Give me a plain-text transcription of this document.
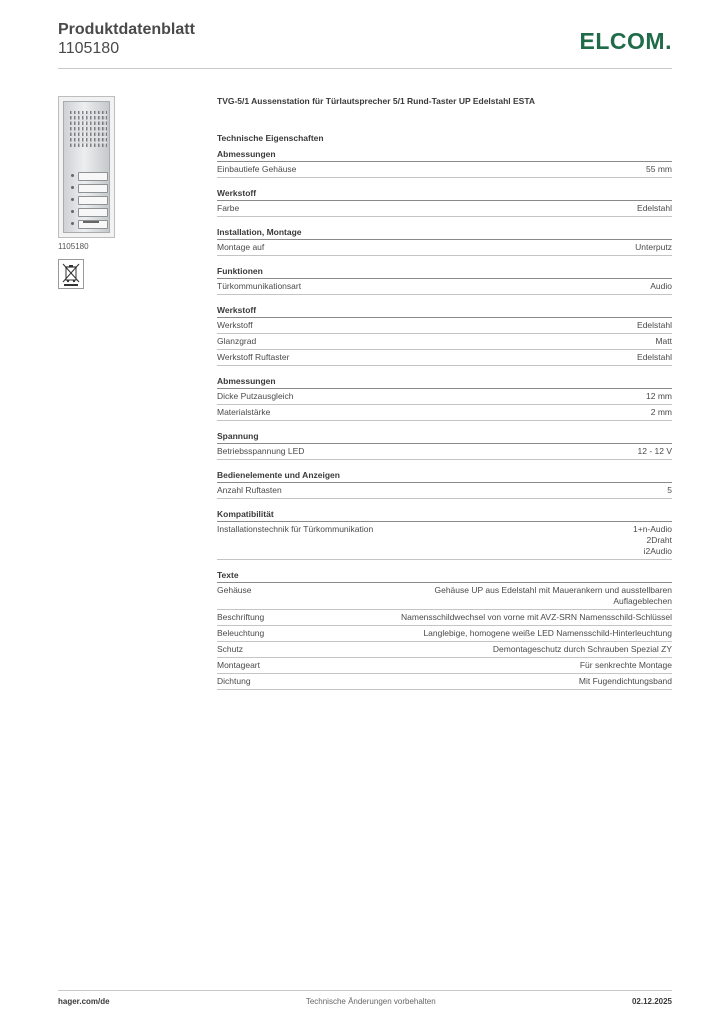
Produktdatenblatt
1105180	ELCOM.
1105180
TVG-5/1 Aussenstation für Türlautsprecher 5/1 Rund-Taster UP Edelstahl ESTA
Technische Eigenschaften
Abmessungen
Einbautiefe Gehäuse	55 mm
Werkstoff
Farbe	Edelstahl
Installation, Montage
Montage auf	Unterputz
Funktionen
Türkommunikationsart	Audio
Werkstoff
Werkstoff	Edelstahl
Glanzgrad	Matt
Werkstoff Ruftaster	Edelstahl
Abmessungen
Dicke Putzausgleich	12 mm
Materialstärke	2 mm
Spannung
Betriebsspannung LED	12 - 12 V
Bedienelemente und Anzeigen
Anzahl Ruftasten	5
Kompatibilität
Installationstechnik für Türkommunikation	1+n-Audio
2Draht
i2Audio
Texte
Gehäuse	Gehäuse UP aus Edelstahl mit Mauerankern und ausstellbaren Auflageblechen
Beschriftung	Namensschildwechsel von vorne mit AVZ-SRN Namensschild-Schlüssel
Beleuchtung	Langlebige, homogene weiße LED Namensschild-Hinterleuchtung
Schutz	Demontageschutz durch Schrauben Spezial ZY
Montageart	Für senkrechte Montage
Dichtung	Mit Fugendichtungsband
hager.com/de	Technische Änderungen vorbehalten	02.12.2025
